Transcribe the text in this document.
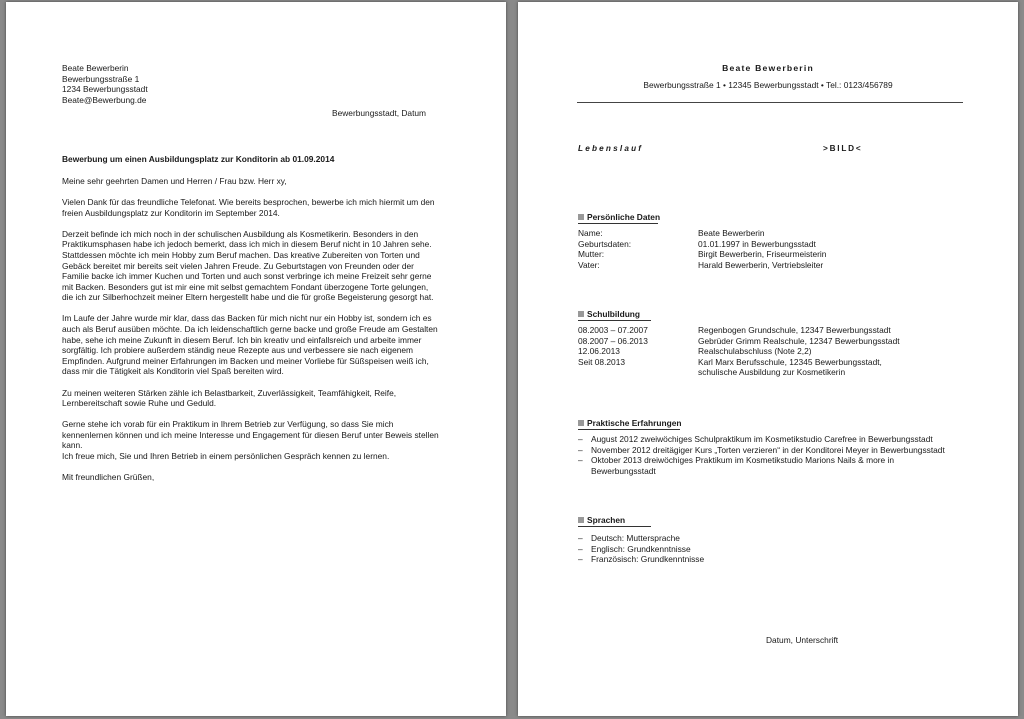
Beate Bewerberin
Bewerbungsstraße 1
1234 Bewerbungsstadt
Beate@Bewerbung.de
Bewerbungsstadt, Datum
Bewerbung um einen Ausbildungsplatz zur Konditorin ab 01.09.2014
Meine sehr geehrten Damen und Herren / Frau bzw. Herr xy,
Vielen Dank für das freundliche Telefonat. Wie bereits besprochen, bewerbe ich mich hiermit um den
freien Ausbildungsplatz zur Konditorin im September 2014.
Derzeit befinde ich mich noch in der schulischen Ausbildung als Kosmetikerin. Besonders in den
Praktikumsphasen habe ich jedoch bemerkt, dass ich mich in diesem Beruf nicht in 10 Jahren sehe.
Stattdessen möchte ich mein Hobby zum Beruf machen. Das kreative Zubereiten von Torten und
Gebäck bereitet mir bereits seit vielen Jahren Freude. Zu Geburtstagen von Freunden oder der
Familie backe ich immer Kuchen und Torten und auch sonst verbringe ich meine Freizeit sehr gerne
mit Backen. Besonders gut ist mir eine mit selbst gemachtem Fondant überzogene Torte gelungen,
die ich zur Silberhochzeit meiner Eltern hergestellt habe und die für große Begeisterung gesorgt hat.
Im Laufe der Jahre wurde mir klar, dass das Backen für mich nicht nur ein Hobby ist, sondern ich es
auch als Beruf ausüben möchte. Da ich leidenschaftlich gerne backe und große Freude am Gestalten
habe, sehe ich meine Zukunft in diesem Beruf. Ich bin kreativ und einfallsreich und arbeite immer
sorgfältig. Ich probiere außerdem ständig neue Rezepte aus und verbessere sie nach eigenem
Empfinden. Aufgrund meiner Erfahrungen im Backen und meiner Vorliebe für Süßspeisen weiß ich,
dass mir die Tätigkeit als Konditorin viel Spaß bereiten wird.
Zu meinen weiteren Stärken zähle ich Belastbarkeit, Zuverlässigkeit, Teamfähigkeit, Reife,
Lernbereitschaft sowie Ruhe und Geduld.
Gerne stehe ich vorab für ein Praktikum in Ihrem Betrieb zur Verfügung, so dass Sie mich
kennenlernen können und ich meine Interesse und Engagement für diesen Beruf unter Beweis stellen
kann.
Ich freue mich, Sie und Ihren Betrieb in einem persönlichen Gespräch kennen zu lernen.
Mit freundlichen Grüßen,
Beate Bewerberin
Bewerbungsstraße 1 • 12345 Bewerbungsstadt • Tel.: 0123/456789
Lebenslauf	>BILD<
Persönliche Daten
Name:	Beate Bewerberin
Geburtsdaten:	01.01.1997 in Bewerbungsstadt
Mutter:	Birgit Bewerberin, Friseurmeisterin
Vater:	Harald Bewerberin, Vertriebsleiter
Schulbildung
08.2003 – 07.2007	Regenbogen Grundschule, 12347 Bewerbungsstadt
08.2007 – 06.2013	Gebrüder Grimm Realschule, 12347 Bewerbungsstadt
12.06.2013	Realschulabschluss (Note 2,2)
Seit 08.2013	Karl Marx Berufsschule, 12345 Bewerbungsstadt,
schulische Ausbildung zur Kosmetikerin
Praktische Erfahrungen
– August 2012 zweiwöchiges Schulpraktikum im Kosmetikstudio Carefree in Bewerbungsstadt
– November 2012 dreitägiger Kurs „Torten verzieren“ in der Konditorei Meyer in Bewerbungsstadt
– Oktober 2013 dreiwöchiges Praktikum im Kosmetikstudio Marions Nails & more in
Bewerbungsstadt
Sprachen
– Deutsch: Muttersprache
– Englisch: Grundkenntnisse
– Französisch: Grundkenntnisse
Datum, Unterschrift
